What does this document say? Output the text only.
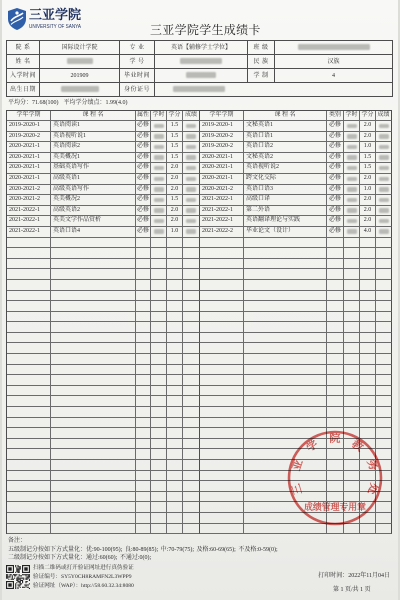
三亚学院
UNIVERSITY OF SANYA	三亚学院学生成绩卡
院 系	国际设计学院	专 业	英语【辅修学士学位】	班 级	
姓 名		学 号		民 族	汉族
入学时间	201909	毕业时间		学 制	4
出生日期		身份证号			
平均分：71.68(100) 平均学分绩点：1.99(4.0)
学年学期	课 程 名	属性 学时 学分 成绩	学年学期	课 程 名	类别 学时 学分 成绩
2019-2020-1	英语阅读1	必修	1.5	2019-2020-1	文秘英语1	必修	2.0
2019-2020-2	英语视听说1	必修	1.5	2019-2020-2	英语口语1	必修	2.0
2020-2021-1	英语阅读2	必修	1.5	2019-2020-2	英语口语2	必修	1.0
2020-2021-1	英美概况1	必修	1.5	2020-2021-1	文秘英语2	必修	1.5
2020-2021-1	基础英语写作	必修	2.0	2020-2021-1	英语视听说2	必修	1.5
2020-2021-1	高级英语1	必修	2.0	2020-2021-1	跨文化交际	必修	2.0
2020-2021-2	高级英语写作	必修	2.0	2020-2021-2	英语口语3	必修	1.0
2020-2021-2	英美概况2	必修	1.5	2021-2022-1	高级口译	必修	2.0
2021-2022-1	高级英语2	必修	2.0	2021-2022-1	第二外语	必修	2.0
2021-2022-1	英美文学作品赏析	必修	2.0	2021-2022-1	英语翻译理论与实践	必修	2.0
2021-2022-1	英语口语4	必修	1.0	2021-2022-2	毕业论文（设计）	必修	4.0
三亚学院教务处
成绩管理专用章
备注：
五级制记分按如下方式量化：优:90-100(95); 良:80-89(85); 中:70-79(75); 及格:60-69(65); 不及格:0-59(0);
二级制记分按如下方式量化：通过:60(60); 不通过:0(0);
扫描二维码或打开验证网址进行真伪验证
验证编号：SY5Y0CH8RAMFN2L3WPP9
验证网址（WAP）：http://58.60.32.34:8080
打印时间：2022年11月04日
第 1 页/共 1 页
